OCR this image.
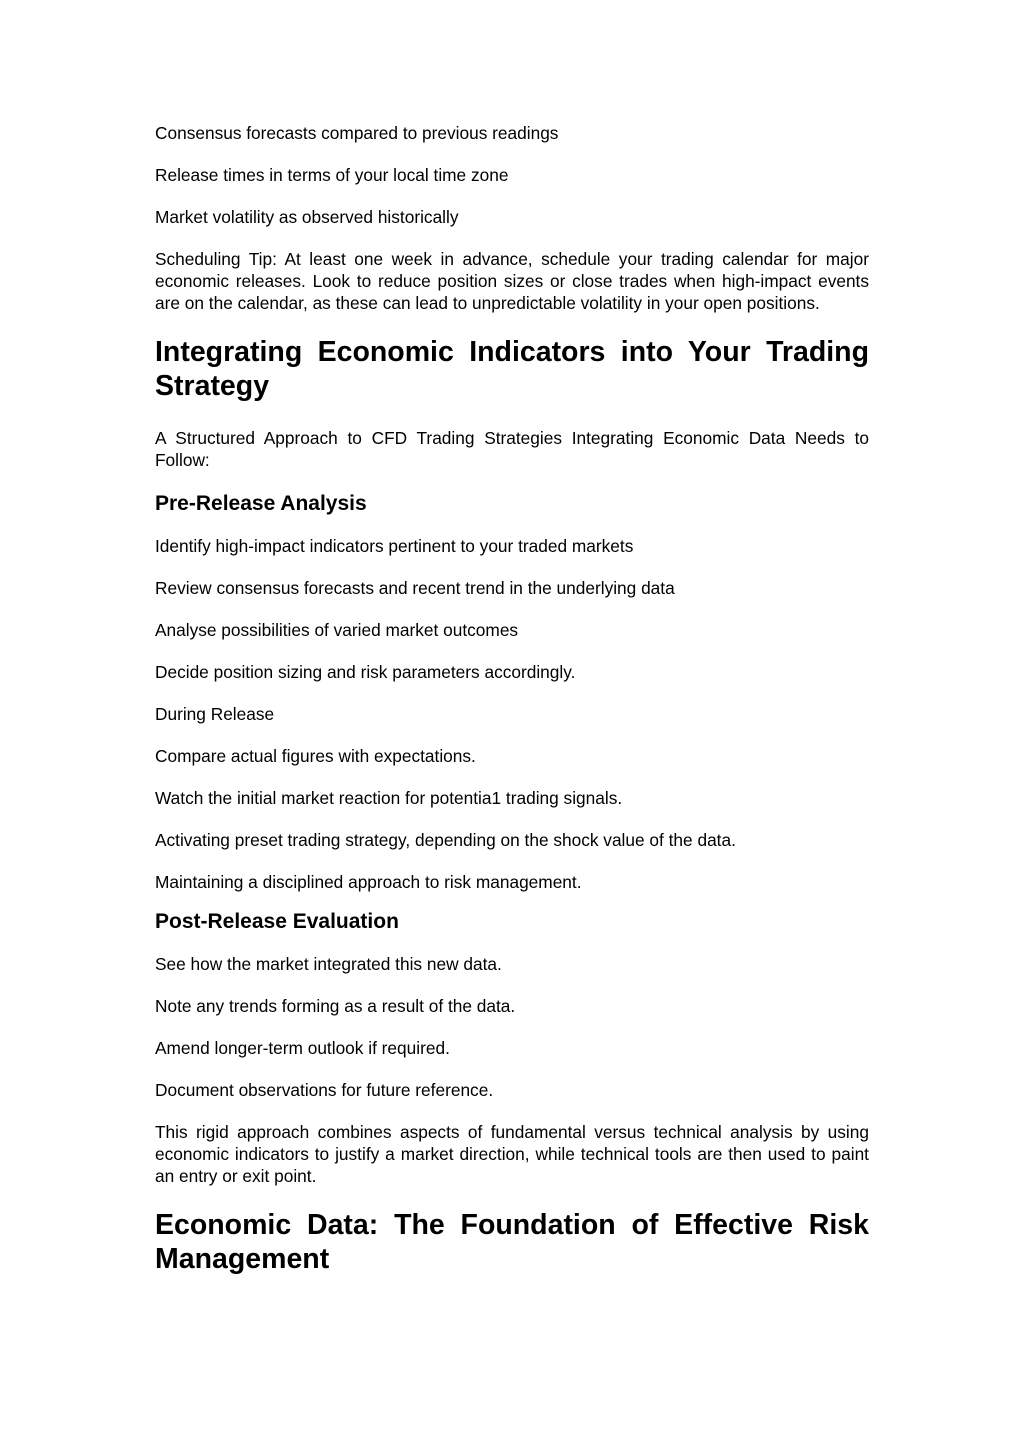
Consensus forecasts compared to previous readings

Release times in terms of your local time zone

Market volatility as observed historically

Scheduling Tip: At least one week in advance, schedule your trading calendar for major economic releases. Look to reduce position sizes or close trades when high-impact events are on the calendar, as these can lead to unpredictable volatility in your open positions.

Integrating Economic Indicators into Your Trading Strategy

A Structured Approach to CFD Trading Strategies Integrating Economic Data Needs to Follow:

Pre-Release Analysis

Identify high-impact indicators pertinent to your traded markets

Review consensus forecasts and recent trend in the underlying data

Analyse possibilities of varied market outcomes

Decide position sizing and risk parameters accordingly.

During Release

Compare actual figures with expectations.

Watch the initial market reaction for potentia1 trading signals.

Activating preset trading strategy, depending on the shock value of the data.

Maintaining a disciplined approach to risk management.

Post-Release Evaluation

See how the market integrated this new data.

Note any trends forming as a result of the data.

Amend longer-term outlook if required.

Document observations for future reference.

This rigid approach combines aspects of fundamental versus technical analysis by using economic indicators to justify a market direction, while technical tools are then used to paint an entry or exit point.

Economic Data: The Foundation of Effective Risk Management
